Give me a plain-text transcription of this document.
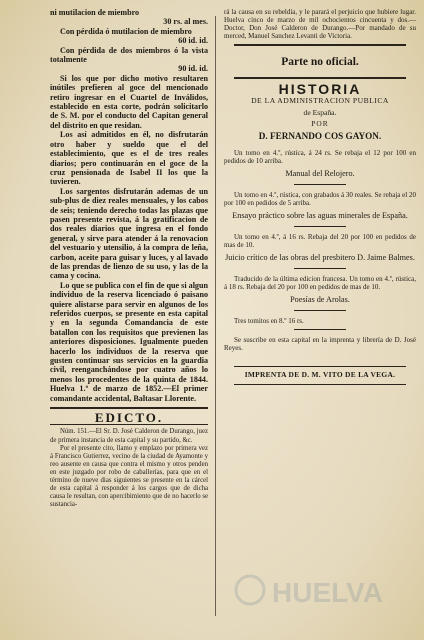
ni mutilacion de miembro
30 rs. al mes.
Con pérdida ó mutilacion de miembro
60 id. id.
Con pérdida de dos miembros ó la vista totalmente
90 id. id.

Si los que por dicho motivo resultaren inútiles prefieren al goce del mencionado retiro ingresar en el Cuartel de Inválidos, establecido en esta corte, podrán solicitarlo de S. M. por el conducto del Capitan general del distrito en que residan.

Los así admitidos en él, no disfrutarán otro haber y sueldo que el del establecimiento, que es el de tres reales diarios; pero continuarán en el goce de la cruz pensionada de Isabel II los que la tuvieren.

Los sargentos disfrutarán ademas de un sub-plus de diez reales mensuales, y los cabos de seis; teniendo derecho todas las plazas que pasen presente revista, á la gratificacion de dos reales diarios que ingresa en el fondo general, y sirve para atender á la renovacion del vestuario y utensilio, á la compra de leña, carbon, aceite para guisar y luces, y al lavado de las prendas de lienzo de su uso, y las de la cama y cocina.

Lo que se publica con el fin de que si algun individuo de la reserva licenciado ó paisano quiere alistarse para servir en algunos de los referidos cuerpos, se presente en esta capital y en la segunda Comandancia de este batallon con los requisitos que previenen las anteriores disposiciones. Igualmente pueden hacerlo los individuos de la reserva que gusten continuar sus servicios en la guardia civil, reenganchándose por cuatro años lo menos los procedentes de la quinta de 1844. Huelva 1.º de marzo de 1852.—El primer comandante accidental, Baltasar Llorente.

EDICTO.

Núm. 151.—El Sr. D. José Calderon de Durango, juez de primera instancia de esta capital y su partido, &c.

Por el presente cito, llamo y emplazo por primera vez á Francisco Gutierrez, vecino de la ciudad de Ayamonte y reo ausente en causa que contra el mismo y otros penden en este juzgado por robo de caballerías, para que en el término de nueve dias siguientes se presente en la cárcel de esta capital á responder á los cargos que de dicha causa le resultan, con apercibimiento que de no hacerlo se sustancia-

rá la causa en su rebeldía, y le parará el perjuicio que hubiere lugar. Huelva cinco de marzo de mil ochocientos cincuenta y dos.—Doctor, Don José Calderon de Durango.—Por mandado de su merced, Manuel Sanchez Levanti de Victoria.

Parte no oficial.
HISTORIA
DE LA ADMINISTRACION PUBLICA
de España.
POR
D. FERNANDO COS GAYON.

Un tomo en 4.º, rústica, á 24 rs. Se rebaja el 12 por 100 en pedidos de 10 arriba.

Manual del Relojero.

Un tomo en 4.º, rústica, con grabados á 30 reales. Se rebaja el 20 por 100 en pedidos de 5 arriba.

Ensayo práctico sobre las aguas minerales de España.

Un tomo en 4.º, á 16 rs. Rebaja del 20 por 100 en pedidos de mas de 10.

Juicio crítico de las obras del presbitero D. Jaime Balmes.

Traducido de la última edicion francesa. Un tomo en 4.º, rústica, á 18 rs. Rebaja del 20 por 100 en pedidos de mas de 10.

Poesías de Arolas.

Tres tomitos en 8.º 16 rs.

Se suscribe en esta capital en la imprenta y librería de D. José Reyes.

IMPRENTA DE D. M. VITO DE LA VEGA.
HUELVA
